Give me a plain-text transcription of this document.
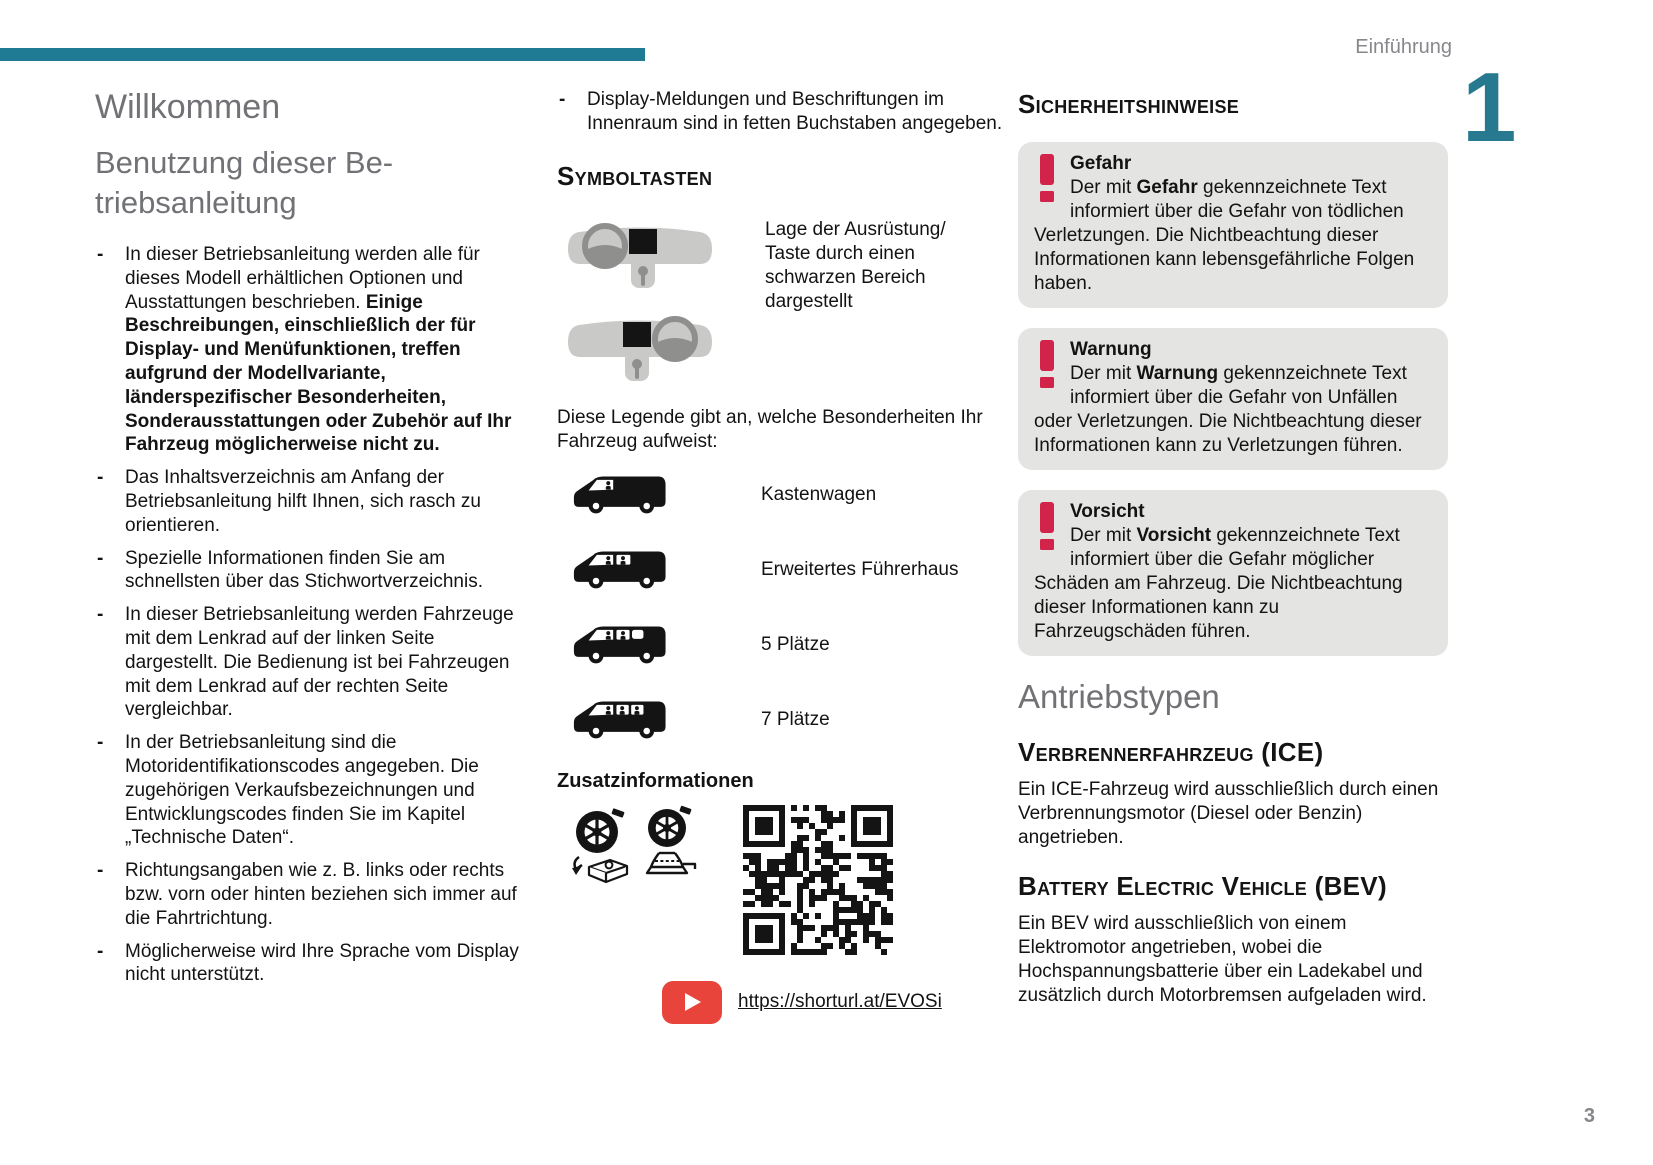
Einführung
1
Willkommen
Benutzung dieser Be-
triebsanleitung
- In dieser Betriebsanleitung werden alle für dieses Modell erhältlichen Optionen und Ausstattungen beschrieben. Einige Beschreibungen, einschließlich der für Display- und Menüfunktionen, treffen aufgrund der Modellvariante, länderspezifischer Besonderheiten, Sonderausstattungen oder Zubehör auf Ihr Fahrzeug möglicherweise nicht zu.
- Das Inhaltsverzeichnis am Anfang der Betriebsanleitung hilft Ihnen, sich rasch zu orientieren.
- Spezielle Informationen finden Sie am schnellsten über das Stichwortverzeichnis.
- In dieser Betriebsanleitung werden Fahrzeuge mit dem Lenkrad auf der linken Seite dargestellt. Die Bedienung ist bei Fahrzeugen mit dem Lenkrad auf der rechten Seite vergleichbar.
- In der Betriebsanleitung sind die Motoridentifikationscodes angegeben. Die zugehörigen Verkaufsbezeichnungen und Entwicklungscodes finden Sie im Kapitel „Technische Daten“.
- Richtungsangaben wie z. B. links oder rechts bzw. vorn oder hinten beziehen sich immer auf die Fahrtrichtung.
- Möglicherweise wird Ihre Sprache vom Display nicht unterstützt.
- Display-Meldungen und Beschriftungen im Innenraum sind in fetten Buchstaben angegeben.
Symboltasten
Lage der Ausrüstung/ Taste durch einen schwarzen Bereich dargestellt

Diese Legende gibt an, welche Besonderheiten Ihr Fahrzeug aufweist:

Kastenwagen
Erweitertes Führerhaus
5 Plätze
7 Plätze
Zusatzinformationen
https://shorturl.at/EVOSi
Sicherheitshinweise
Gefahr
Der mit Gefahr gekennzeichnete Text informiert über die Gefahr von tödlichen Verletzungen. Die Nichtbeachtung dieser Informationen kann lebensgefährliche Folgen haben.
Warnung
Der mit Warnung gekennzeichnete Text informiert über die Gefahr von Unfällen oder Verletzungen. Die Nichtbeachtung dieser Informationen kann zu Verletzungen führen.
Vorsicht
Der mit Vorsicht gekennzeichnete Text informiert über die Gefahr möglicher Schäden am Fahrzeug. Die Nichtbeachtung dieser Informationen kann zu Fahrzeugschäden führen.
Antriebstypen
Verbrennerfahrzeug (ICE)

Ein ICE-Fahrzeug wird ausschließlich durch einen Verbrennungsmotor (Diesel oder Benzin) angetrieben.

Battery Electric Vehicle (BEV)

Ein BEV wird ausschließlich von einem Elektromotor angetrieben, wobei die Hochspannungsbatterie über ein Ladekabel und zusätzlich durch Motorbremsen aufgeladen wird.

3
